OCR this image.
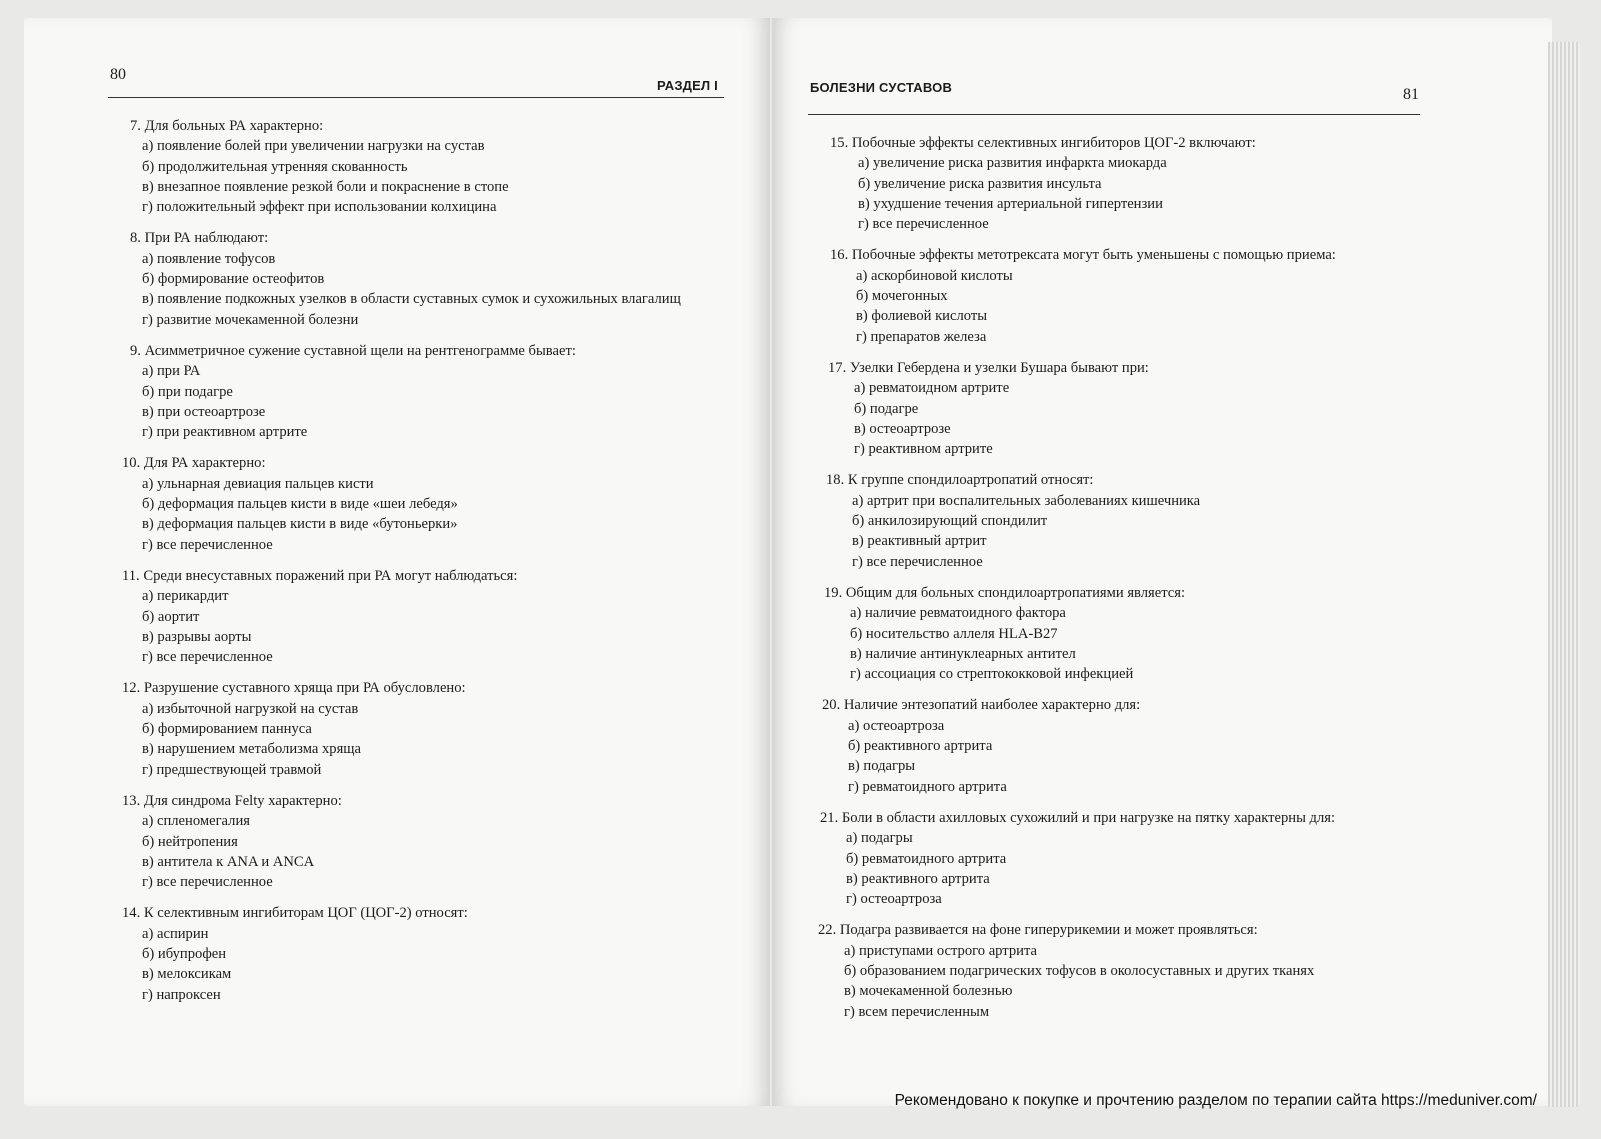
80
РАЗДЕЛ I	БОЛЕЗНИ СУСТАВОВ	81
7. Для больных РА характерно:
а) появление болей при увеличении нагрузки на сустав
б) продолжительная утренняя скованность
в) внезапное появление резкой боли и покраснение в стопе
г) положительный эффект при использовании колхицина
8. При РА наблюдают:
а) появление тофусов
б) формирование остеофитов
в) появление подкожных узелков в области суставных сумок и сухожильных влагалищ
г) развитие мочекаменной болезни
9. Асимметричное сужение суставной щели на рентгенограмме бывает:
а) при РА
б) при подагре
в) при остеоартрозе
г) при реактивном артрите
10. Для РА характерно:
а) ульнарная девиация пальцев кисти
б) деформация пальцев кисти в виде «шеи лебедя»
в) деформация пальцев кисти в виде «бутоньерки»
г) все перечисленное
11. Среди внесуставных поражений при РА могут наблюдаться:
а) перикардит
б) аортит
в) разрывы аорты
г) все перечисленное
12. Разрушение суставного хряща при РА обусловлено:
а) избыточной нагрузкой на сустав
б) формированием паннуса
в) нарушением метаболизма хряща
г) предшествующей травмой
13. Для синдрома Felty характерно:
а) спленомегалия
б) нейтропения
в) антитела к ANA и ANCA
г) все перечисленное
14. К селективным ингибиторам ЦОГ (ЦОГ-2) относят:
а) аспирин
б) ибупрофен
в) мелоксикам
г) напроксен
15. Побочные эффекты селективных ингибиторов ЦОГ-2 включают:
а) увеличение риска развития инфаркта миокарда
б) увеличение риска развития инсульта
в) ухудшение течения артериальной гипертензии
г) все перечисленное
16. Побочные эффекты метотрексата могут быть уменьшены с помощью приема:
а) аскорбиновой кислоты
б) мочегонных
в) фолиевой кислоты
г) препаратов железа
17. Узелки Гебердена и узелки Бушара бывают при:
а) ревматоидном артрите
б) подагре
в) остеоартрозе
г) реактивном артрите
18. К группе спондилоартропатий относят:
а) артрит при воспалительных заболеваниях кишечника
б) анкилозирующий спондилит
в) реактивный артрит
г) все перечисленное
19. Общим для больных спондилоартропатиями является:
а) наличие ревматоидного фактора
б) носительство аллеля HLA-B27
в) наличие антинуклеарных антител
г) ассоциация со стрептококковой инфекцией
20. Наличие энтезопатий наиболее характерно для:
а) остеоартроза
б) реактивного артрита
в) подагры
г) ревматоидного артрита
21. Боли в области ахилловых сухожилий и при нагрузке на пятку характерны для:
а) подагры
б) ревматоидного артрита
в) реактивного артрита
г) остеоартроза
22. Подагра развивается на фоне гиперурикемии и может проявляться:
а) приступами острого артрита
б) образованием подагрических тофусов в околосуставных и других тканях
в) мочекаменной болезнью
г) всем перечисленным
Рекомендовано к покупке и прочтению разделом по терапии сайта https://meduniver.com/
